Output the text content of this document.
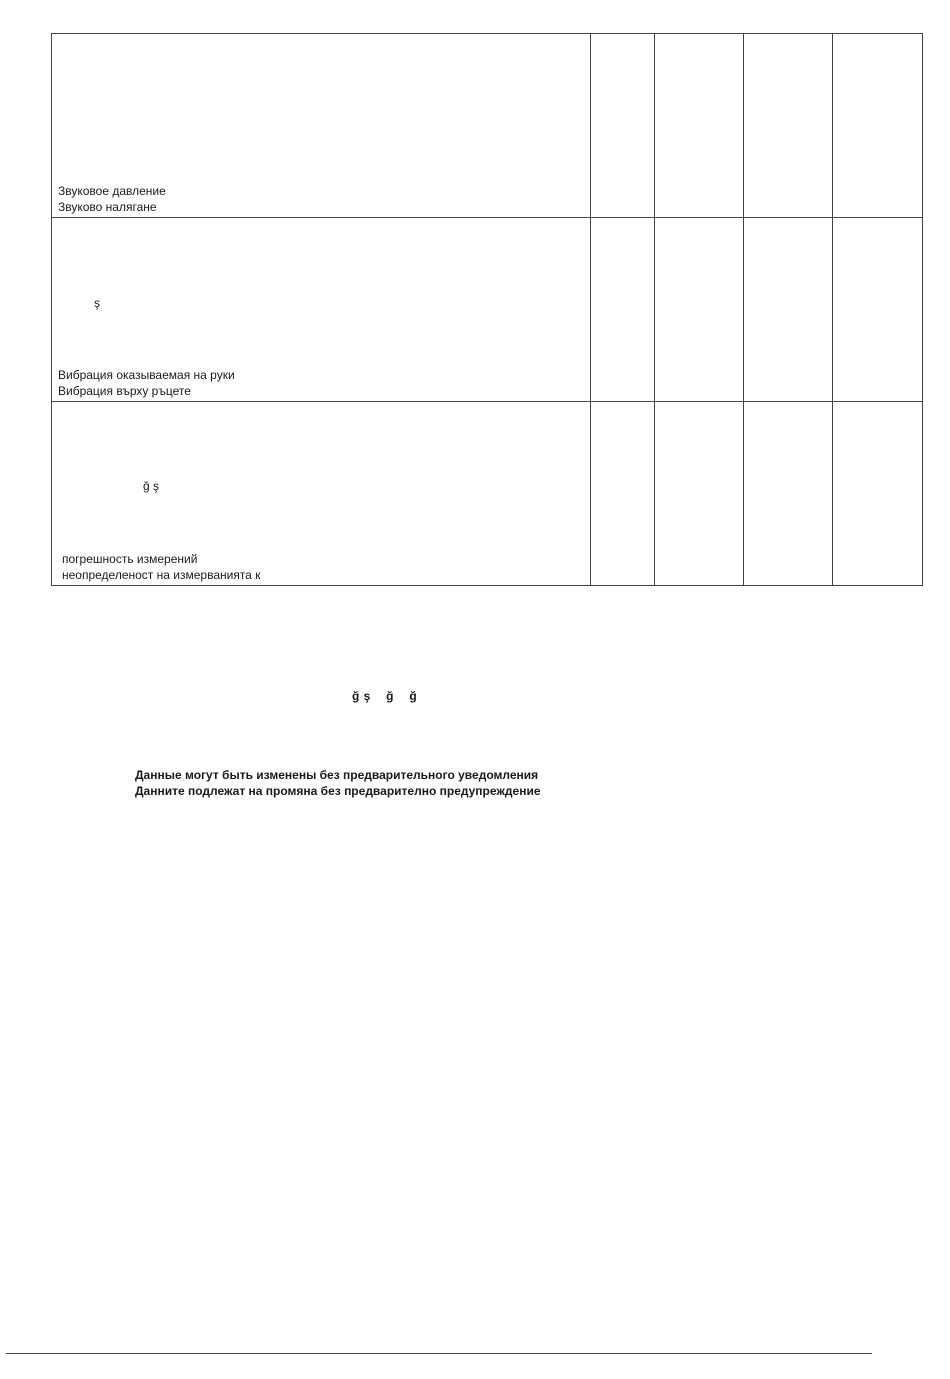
Звуковое давление
Звуково налягане				

ş
Вибрация оказываемая на руки
Вибрация върху ръцете				

ğ ş
погрешность измерений
неопределеност на измерванията к				

ğ ş    ğ    ğ
Данные могут быть изменены без предварительного уведомления
Данните подлежат на промяна без предварително предупреждение
